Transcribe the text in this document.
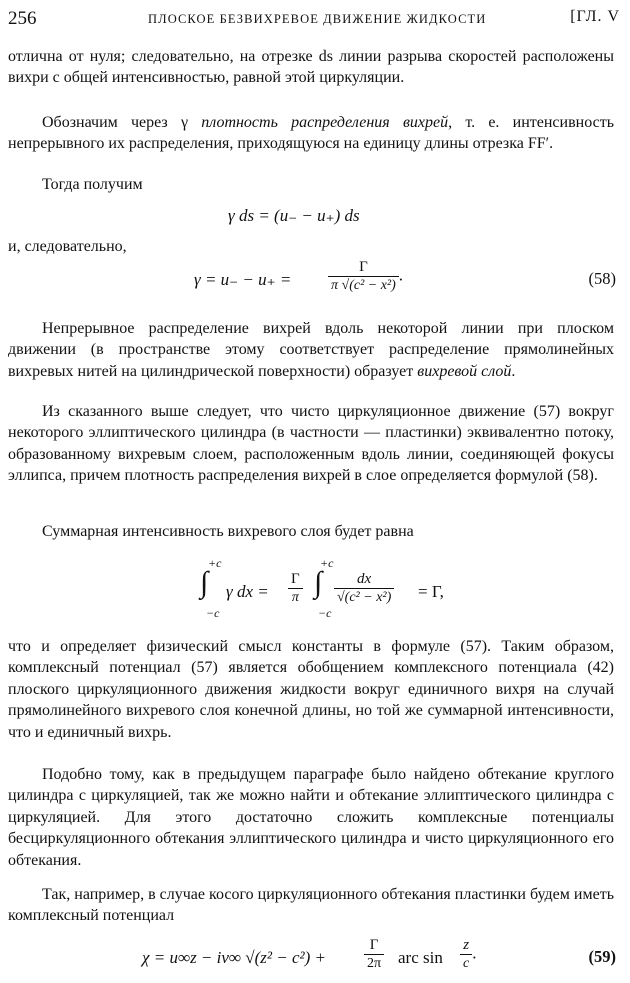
256	ПЛОСКОЕ БЕЗВИХРЕВОЕ ДВИЖЕНИЕ ЖИДКОСТИ	[ГЛ. V
отлична от нуля; следовательно, на отрезке ds линии разрыва скоростей расположены вихри с общей интенсивностью, равной этой циркуляции.
Обозначим через γ плотность распределения вихрей, т. е. интенсивность непрерывного их распределения, приходящуюся на единицу длины отрезка FF′.
Тогда получим
γ ds = (u₋ − u₊) ds
и, следовательно,
$\gamma = u_- - u_+ = \frac{\Gamma}{\text{π √(c² − x²)}}$ .	(58)
Непрерывное распределение вихрей вдоль некоторой линии при плоском движении (в пространстве этому соответствует распределение прямолинейных вихревых нитей на цилиндрической поверхности) образует вихревой слой.
Из сказанного выше следует, что чисто циркуляционное движение (57) вокруг некоторого эллиптического цилиндра (в частности — пластинки) эквивалентно потоку, образованному вихревым слоем, расположенным вдоль линии, соединяющей фокусы эллипса, причем плотность распределения вихрей в слое определяется формулой (58).
Суммарная интенсивность вихревого слоя будет равна
+c
∫
−c
γ dx = $\frac{\Gamma}{\pi}$
+c
∫
−c
$\frac{dx}{\text{√(c² − x²)}} = \Gamma$,
что и определяет физический смысл константы в формуле (57). Таким образом, комплексный потенциал (57) является обобщением комплексного потенциала (42) плоского циркуляционного движения жидкости вокруг единичного вихря на случай прямолинейного вихревого слоя конечной длины, но той же суммарной интенсивности, что и единичный вихрь.
Подобно тому, как в предыдущем параграфе было найдено обтекание круглого цилиндра с циркуляцией, так же можно найти и обтекание эллиптического цилиндра с циркуляцией. Для этого достаточно сложить комплексные потенциалы бесциркуляционного обтекания эллиптического цилиндра и чисто циркуляционного его обтекания.
Так, например, в случае косого циркуляционного обтекания пластинки будем иметь комплексный потенциал
χ = u∞z − iv∞ √(z² − c²) +	$\frac{\Gamma}{2\pi}$ arc $\sin \frac{z}{c}$ .	(59)
